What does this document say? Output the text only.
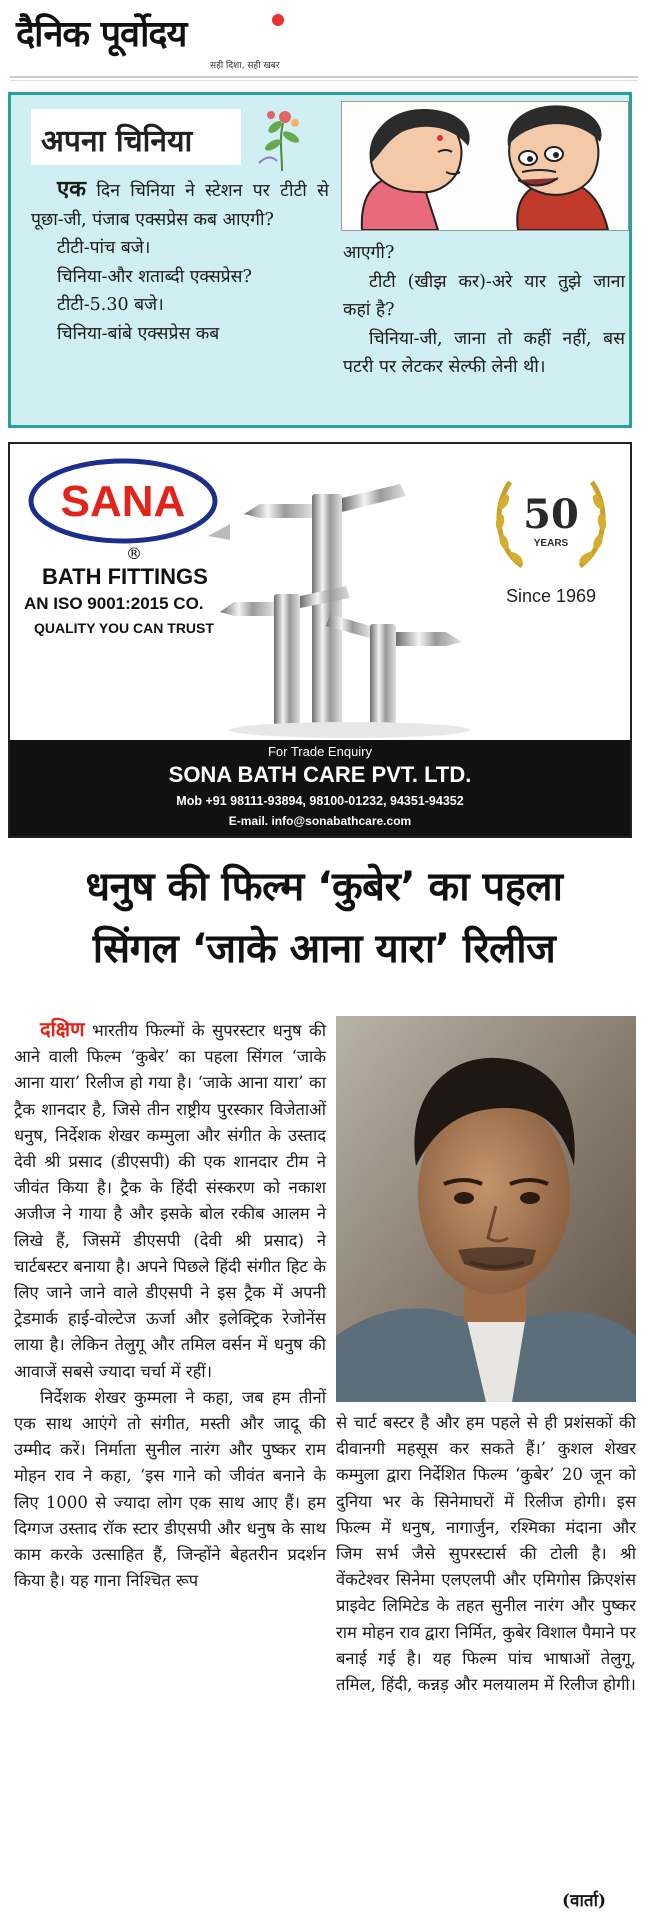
दैनिक पूर्वोदय
सही दिशा, सही खबर
अपना चिनिया

एक दिन चिनिया ने स्टेशन पर टीटी से पूछा-जी, पंजाब एक्सप्रेस कब आएगी?

टीटी-पांच बजे।

चिनिया-और शताब्दी एक्सप्रेस?

टीटी-5.30 बजे।

चिनिया-बांबे एक्सप्रेस कब

आएगी?

टीटी (खीझ कर)-अरे यार तुझे जाना कहां है?

चिनिया-जी, जाना तो कहीं नहीं, बस पटरी पर लेटकर सेल्फी लेनी थी।

SANA
®
BATH FITTINGS
AN ISO 9001:2015 CO.
QUALITY YOU CAN TRUST
50
YEARS
Since 1969
For Trade Enquiry
SONA BATH CARE PVT. LTD.
Mob +91 98111-93894, 98100-01232, 94351-94352
E-mail. info@sonabathcare.com
धनुष की फिल्म ‘कुबेर’ का पहला
सिंगल ‘जाके आना यारा’ रिलीज

दक्षिण भारतीय फिल्मों के सुपरस्टार धनुष की आने वाली फिल्म ‘कुबेर’ का पहला सिंगल ‘जाके आना यारा’ रिलीज हो गया है। ‘जाके आना यारा’ का ट्रैक शानदार है, जिसे तीन राष्ट्रीय पुरस्कार विजेताओं धनुष, निर्देशक शेखर कम्मुला और संगीत के उस्ताद देवी श्री प्रसाद (डीएसपी) की एक शानदार टीम ने जीवंत किया है। ट्रैक के हिंदी संस्करण को नकाश अजीज ने गाया है और इसके बोल रकीब आलम ने लिखे हैं, जिसमें डीएसपी (देवी श्री प्रसाद) ने चार्टबस्टर बनाया है। अपने पिछले हिंदी संगीत हिट के लिए जाने जाने वाले डीएसपी ने इस ट्रैक में अपनी ट्रेडमार्क हाई-वोल्टेज ऊर्जा और इलेक्ट्रिक रेजोनेंस लाया है। लेकिन तेलुगू और तमिल वर्सन में धनुष की आवाजें सबसे ज्यादा चर्चा में रहीं।

निर्देशक शेखर कुम्मला ने कहा, जब हम तीनों एक साथ आएंगे तो संगीत, मस्ती और जादू की उम्मीद करें। निर्माता सुनील नारंग और पुष्कर राम मोहन राव ने कहा, ‘इस गाने को जीवंत बनाने के लिए 1000 से ज्यादा लोग एक साथ आए हैं। हम दिग्गज उस्ताद रॉक स्टार डीएसपी और धनुष के साथ काम करके उत्साहित हैं, जिन्होंने बेहतरीन प्रदर्शन किया है। यह गाना निश्चित रूप

से चार्ट बस्टर है और हम पहले से ही प्रशंसकों की दीवानगी महसूस कर सकते हैं।’ कुशल शेखर कम्मुला द्वारा निर्देशित फिल्म ‘कुबेर’ 20 जून को दुनिया भर के सिनेमाघरों में रिलीज होगी। इस फिल्म में धनुष, नागार्जुन, रश्मिका मंदाना और जिम सर्भ जैसे सुपरस्टार्स की टोली है। श्री वेंकटेश्वर सिनेमा एलएलपी और एमिगोस क्रिएशंस प्राइवेट लिमिटेड के तहत सुनील नारंग और पुष्कर राम मोहन राव द्वारा निर्मित, कुबेर विशाल पैमाने पर बनाई गई है। यह फिल्म पांच भाषाओं तेलुगू, तमिल, हिंदी, कन्नड़ और मलयालम में रिलीज होगी।

(वार्ता)
